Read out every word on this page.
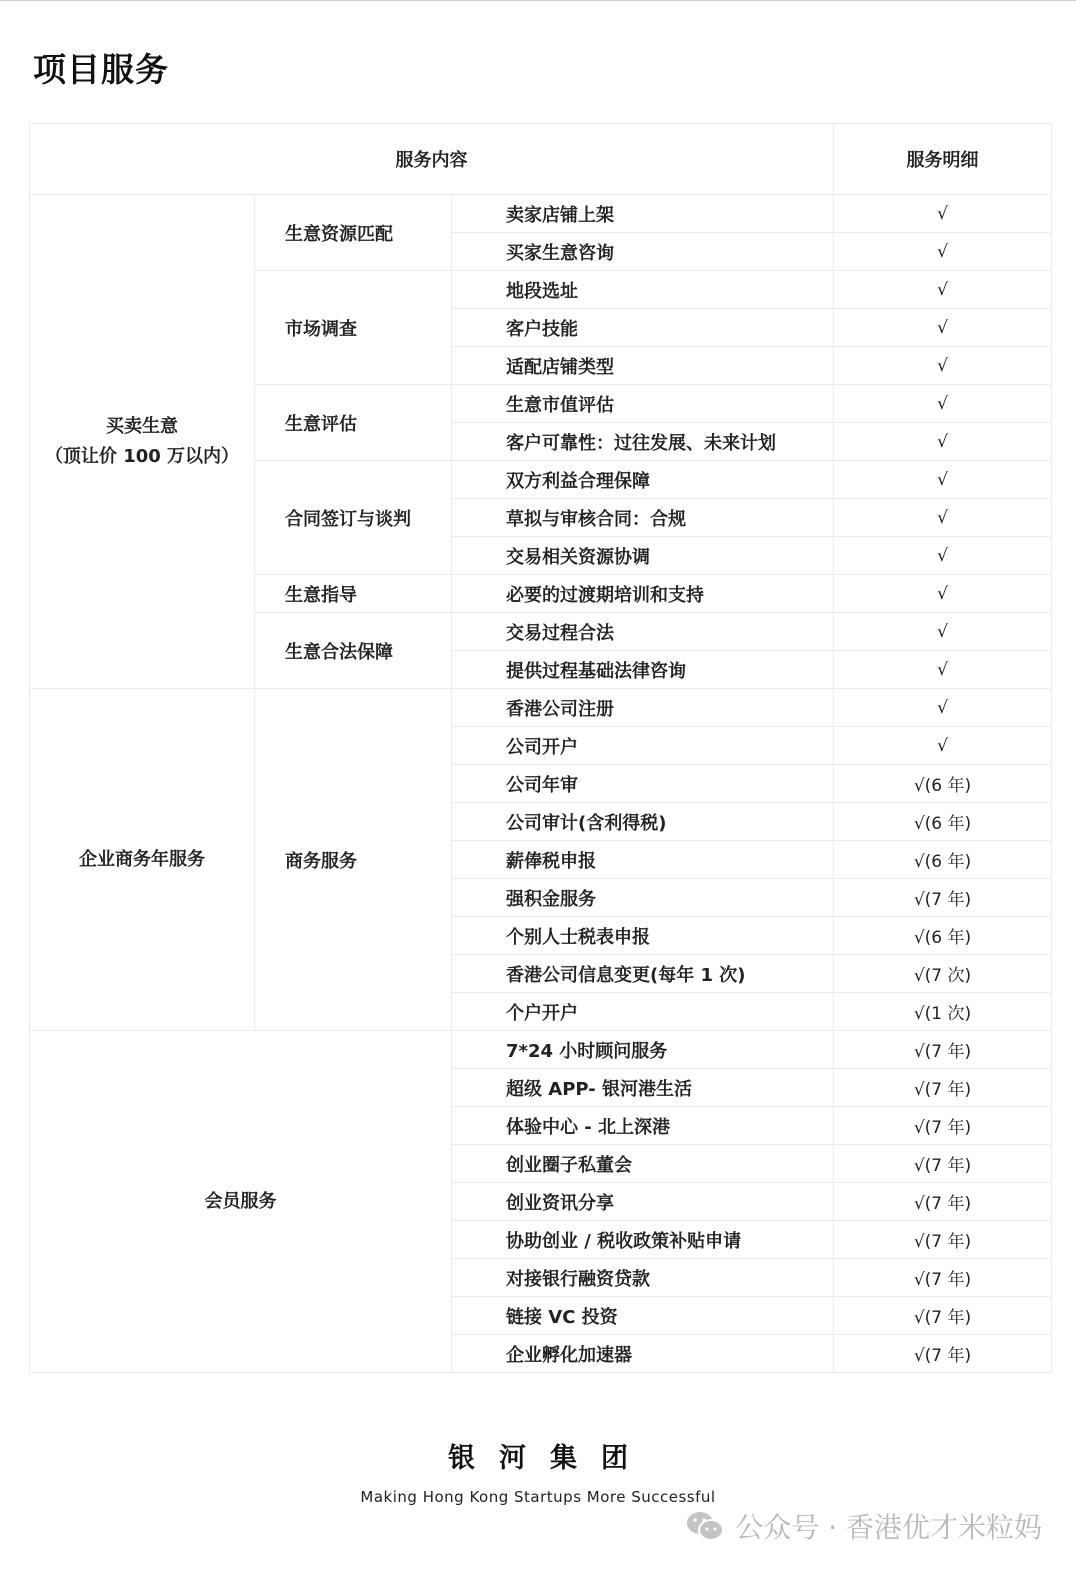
项目服务
服务内容			服务明细

买卖生意
（顶让价 100 万以内）	生意资源匹配	卖家店铺上架	√
		买家生意咨询	√
	市场调查	地段选址	√
		客户技能	√
		适配店铺类型	√
	生意评估	生意市值评估	√
		客户可靠性：过往发展、未来计划	√
	合同签订与谈判	双方利益合理保障	√
		草拟与审核合同：合规	√
		交易相关资源协调	√
	生意指导	必要的过渡期培训和支持	√
	生意合法保障	交易过程合法	√
		提供过程基础法律咨询	√

企业商务年服务	商务服务	香港公司注册	√
		公司开户	√
		公司年审	√(6 年)
		公司审计(含利得税)	√(6 年)
		薪俸税申报	√(6 年)
		强积金服务	√(7 年)
		个别人士税表申报	√(6 年)
		香港公司信息变更(每年 1 次)	√(7 次)
		个户开户	√(1 次)

会员服务		7*24 小时顾问服务	√(7 年)
		超级 APP- 银河港生活	√(7 年)
		体验中心 - 北上深港	√(7 年)
		创业圈子私董会	√(7 年)
		创业资讯分享	√(7 年)
		协助创业 / 税收政策补贴申请	√(7 年)
		对接银行融资贷款	√(7 年)
		链接 VC 投资	√(7 年)
		企业孵化加速器	√(7 年)
银河集团
Making Hong Kong Startups More Successful
公众号 · 香港优才米粒妈
